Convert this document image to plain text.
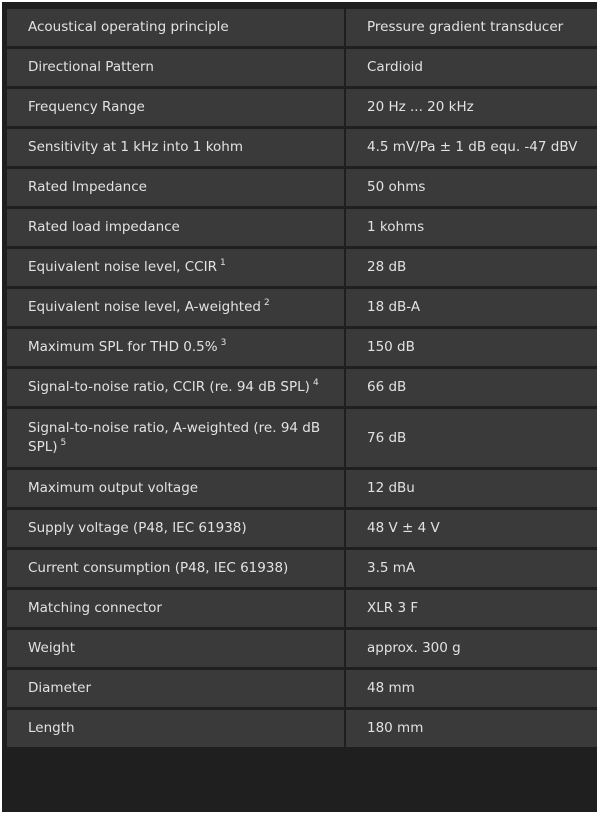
Acoustical operating principle	Pressure gradient transducer
Directional Pattern	Cardioid
Frequency Range	20 Hz ... 20 kHz
Sensitivity at 1 kHz into 1 kohm	4.5 mV/Pa ± 1 dB equ. -47 dBV
Rated Impedance	50 ohms
Rated load impedance	1 kohms
Equivalent noise level, CCIR $^1$	28 dB
Equivalent noise level, A-weighted $^2$	18 dB-A
Maximum SPL for THD 0.5% $^3$	150 dB
Signal-to-noise ratio, CCIR (re. 94 dB SPL) $^4$	66 dB
Signal-to-noise ratio, A-weighted (re. 94 dB SPL) $^5$	76 dB
Maximum output voltage	12 dBu
Supply voltage (P48, IEC 61938)	48 V ± 4 V
Current consumption (P48, IEC 61938)	3.5 mA
Matching connector	XLR 3 F
Weight	approx. 300 g
Diameter	48 mm
Length	180 mm
